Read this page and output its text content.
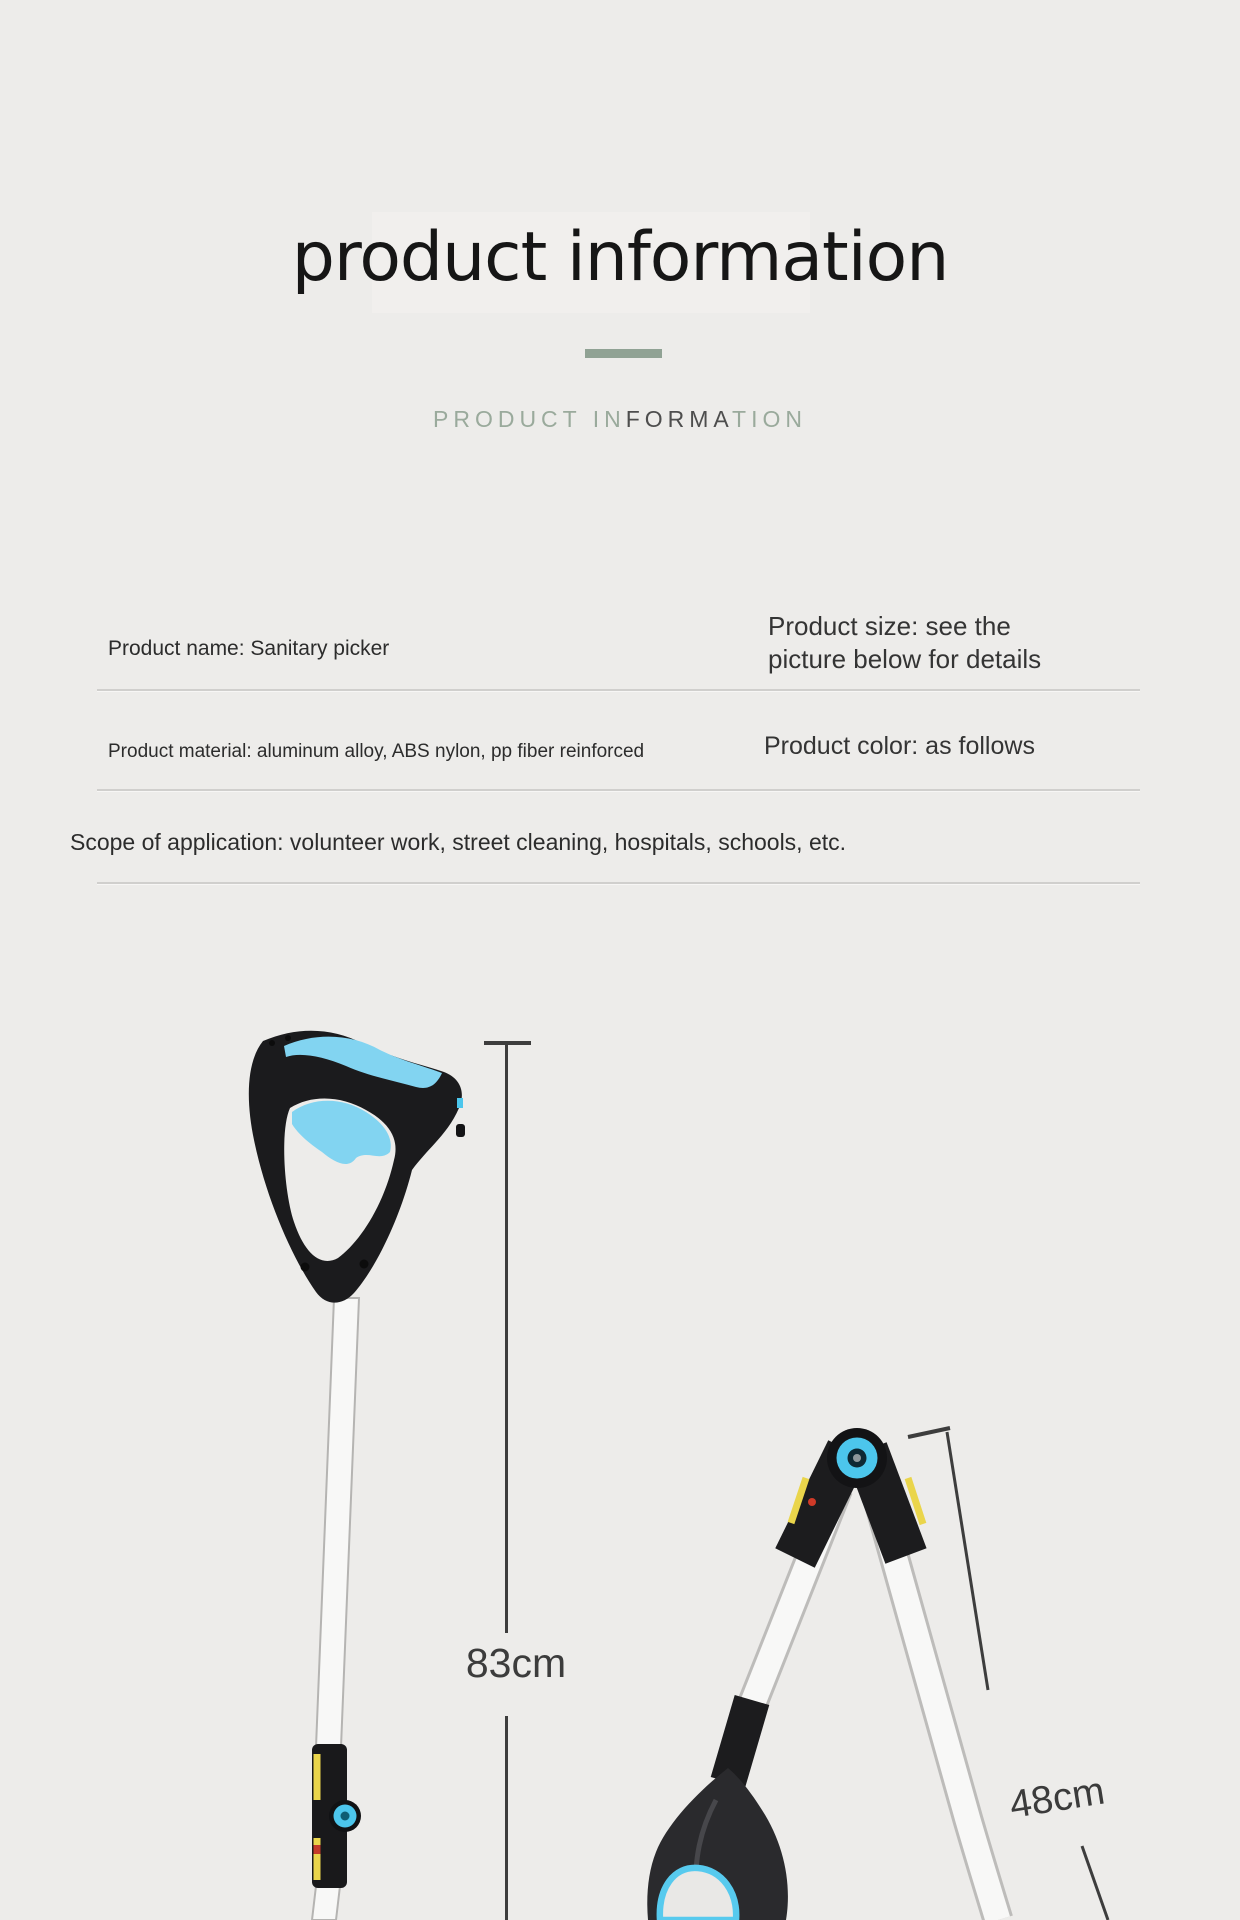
product information
PRODUCT INFORMATION
Product name: Sanitary picker
Product size: see the picture below for details
Product material: aluminum alloy, ABS nylon, pp fiber reinforced	Product color: as follows
Scope of application: volunteer work, street cleaning, hospitals, schools, etc.
83cm
48cm
